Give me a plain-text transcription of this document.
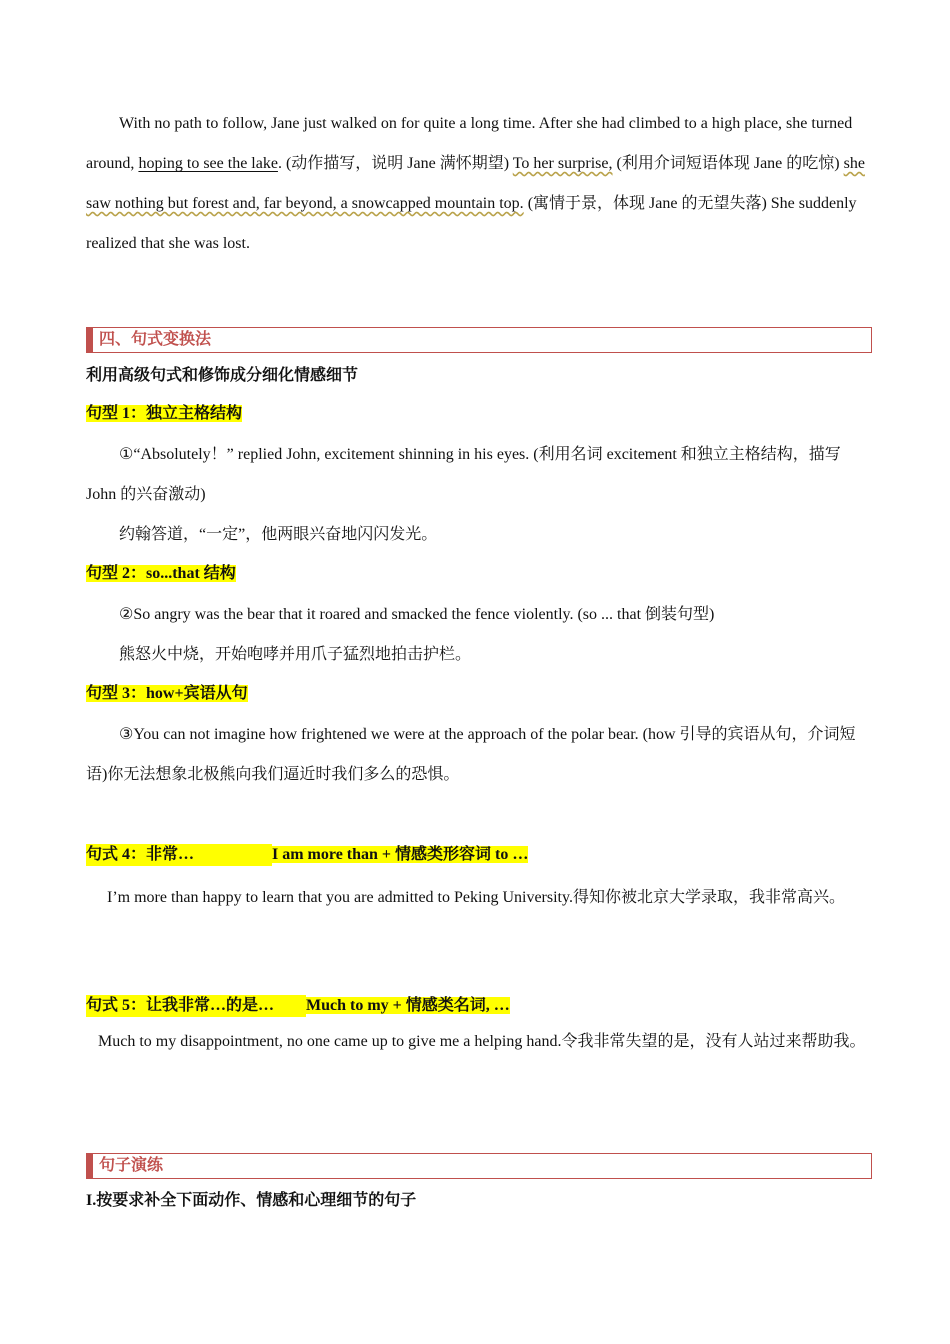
With no path to follow, Jane just walked on for quite a long time. After she had climbed to a high place, she turned around, hoping to see the lake. (动作描写，说明 Jane 满怀期望) To her surprise, (利用介词短语体现 Jane 的吃惊) she saw nothing but forest and, far beyond, a snowcapped mountain top. (寓情于景，体现 Jane 的无望失落) She suddenly realized that she was lost.
四、句式变换法
利用高级句式和修饰成分细化情感细节
句型 1：独立主格结构
①“Absolutely！” replied John, excitement shinning in his eyes. (利用名词 excitement 和独立主格结构，描写 John 的兴奋激动)
约翰答道，“一定”，他两眼兴奋地闪闪发光。
句型 2：so...that 结构
②So angry was the bear that it roared and smacked the fence violently. (so ... that 倒装句型)
熊怒火中烧，开始咆哮并用爪子猛烈地拍击护栏。
句型 3：how+宾语从句
③You can not imagine how frightened we were at the approach of the polar bear. (how 引导的宾语从句，介词短语)你无法想象北极熊向我们逼近时我们多么的恐惧。
句式 4：非常…	I am more than + 情感类形容词 to …
I’m more than happy to learn that you are admitted to Peking University.得知你被北京大学录取，我非常高兴。
句式 5：让我非常…的是… Much to my + 情感类名词, …
Much to my disappointment, no one came up to give me a helping hand.令我非常失望的是，没有人站过来帮助我。
句子演练
I.按要求补全下面动作、情感和心理细节的句子
